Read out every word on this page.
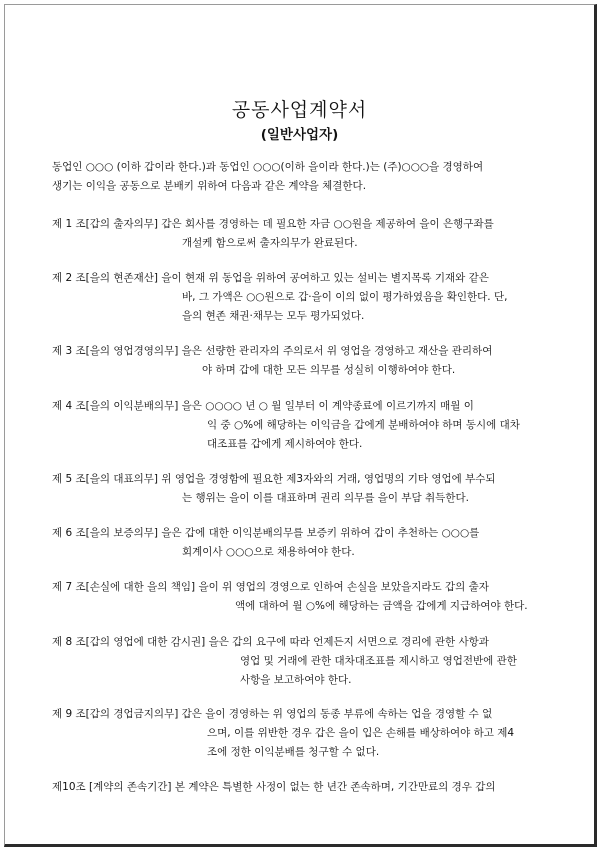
공동사업계약서
(일반사업자)
동업인 ○○○ (이하 갑이라 한다.)과 동업인 ○○○(이하 을이라 한다.)는 (주)○○○을 경영하여
생기는 이익을 공동으로 분배키 위하여 다음과 같은 계약을 체결한다.
제 1 조[갑의 출자의무] 갑은 회사를 경영하는 데 필요한 자금 ○○원을 제공하여 을이 은행구좌를
개설케 함으로써 출자의무가 완료된다.
제 2 조[을의 현존재산] 을이 현재 위 동업을 위하여 공여하고 있는 설비는 별지목록 기재와 같은
바, 그 가액은 ○○원으로 갑·을이 이의 없이 평가하였음을 확인한다. 단,
을의 현존 채권·채무는 모두 평가되었다.
제 3 조[을의 영업경영의무] 을은 선량한 관리자의 주의로서 위 영업을 경영하고 재산을 관리하여
야 하며 갑에 대한 모든 의무를 성실히 이행하여야 한다.
제 4 조[을의 이익분배의무] 을은 ○○○○ 년 ○ 월 일부터 이 계약종료에 이르기까지 매월 이
익 중 ○%에 해당하는 이익금을 갑에게 분배하여야 하며 동시에 대차
대조표를 갑에게 제시하여야 한다.
제 5 조[을의 대표의무] 위 영업을 경영함에 필요한 제3자와의 거래, 영업명의 기타 영업에 부수되
는 행위는 을이 이를 대표하며 권리 의무를 을이 부담 취득한다.
제 6 조[을의 보증의무] 을은 갑에 대한 이익분배의무를 보증키 위하여 갑이 추천하는 ○○○를
회계이사 ○○○으로 채용하여야 한다.
제 7 조[손실에 대한 을의 책임] 을이 위 영업의 경영으로 인하여 손실을 보았을지라도 갑의 출자
액에 대하여 월 ○%에 해당하는 금액을 갑에게 지급하여야 한다.
제 8 조[갑의 영업에 대한 감시권] 을은 갑의 요구에 따라 언제든지 서면으로 경리에 관한 사항과
영업 및 거래에 관한 대차대조표를 제시하고 영업전반에 관한
사항을 보고하여야 한다.
제 9 조[갑의 경업금지의무] 갑은 을이 경영하는 위 영업의 동종 부류에 속하는 업을 경영할 수 없
으며, 이를 위반한 경우 갑은 을이 입은 손해를 배상하여야 하고 제4
조에 정한 이익분배를 청구할 수 없다.
제10조 [계약의 존속기간] 본 계약은 특별한 사정이 없는 한 년간 존속하며, 기간만료의 경우 갑의
